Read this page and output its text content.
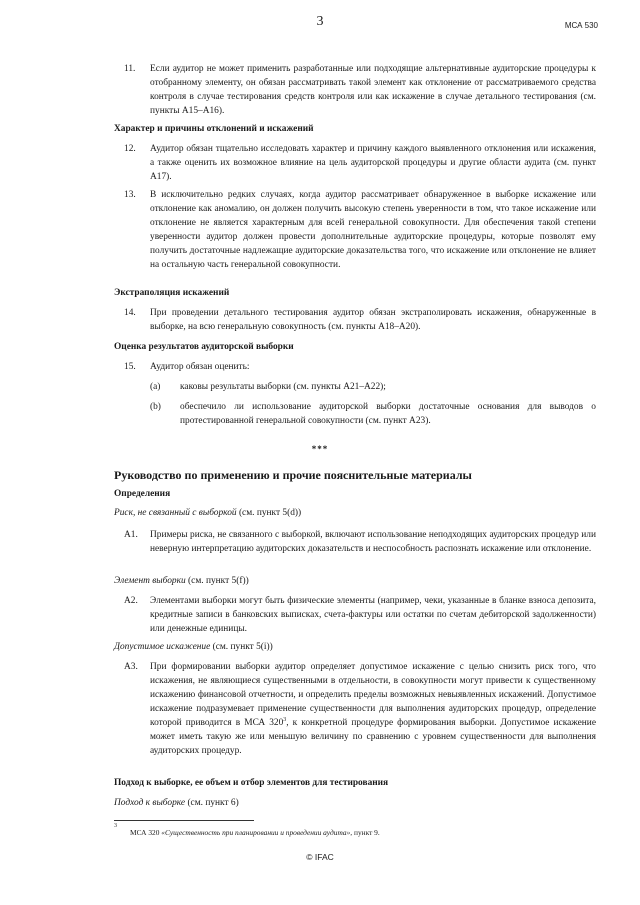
3	МСА 530
11. Если аудитор не может применить разработанные или подходящие альтернативные аудиторские процедуры к отобранному элементу, он обязан рассматривать такой элемент как отклонение от рассматриваемого средства контроля в случае тестирования средств контроля или как искажение в случае детального тестирования (см. пункты A15–A16).
Характер и причины отклонений и искажений
12. Аудитор обязан тщательно исследовать характер и причину каждого выявленного отклонения или искажения, а также оценить их возможное влияние на цель аудиторской процедуры и другие области аудита (см. пункт A17).
13. В исключительно редких случаях, когда аудитор рассматривает обнаруженное в выборке искажение или отклонение как аномалию, он должен получить высокую степень уверенности в том, что такое искажение или отклонение не является характерным для всей генеральной совокупности. Для обеспечения такой степени уверенности аудитор должен провести дополнительные аудиторские процедуры, которые позволят ему получить достаточные надлежащие аудиторские доказательства того, что искажение или отклонение не влияет на остальную часть генеральной совокупности.
Экстраполяция искажений
14. При проведении детального тестирования аудитор обязан экстраполировать искажения, обнаруженные в выборке, на всю генеральную совокупность (см. пункты A18–A20).
Оценка результатов аудиторской выборки
15. Аудитор обязан оценить:
(a) каковы результаты выборки (см. пункты A21–A22);
(b) обеспечило ли использование аудиторской выборки достаточные основания для выводов о протестированной генеральной совокупности (см. пункт A23).
***
Руководство по применению и прочие пояснительные материалы
Определения
Риск, не связанный с выборкой (см. пункт 5(d))
A1. Примеры риска, не связанного с выборкой, включают использование неподходящих аудиторских процедур или неверную интерпретацию аудиторских доказательств и неспособность распознать искажение или отклонение.
Элемент выборки (см. пункт 5(f))
A2. Элементами выборки могут быть физические элементы (например, чеки, указанные в бланке взноса депозита, кредитные записи в банковских выписках, счета-фактуры или остатки по счетам дебиторской задолженности) или денежные единицы.
Допустимое искажение (см. пункт 5(i))
A3. При формировании выборки аудитор определяет допустимое искажение с целью снизить риск того, что искажения, не являющиеся существенными в отдельности, в совокупности могут привести к существенному искажению финансовой отчетности, и определить пределы возможных невыявленных искажений. Допустимое искажение подразумевает применение существенности для выполнения аудиторских процедур, определение которой приводится в МСА $320^3$, к конкретной процедуре формирования выборки. Допустимое искажение может иметь такую же или меньшую величину по сравнению с уровнем существенности для выполнения аудиторских процедур.
Подход к выборке, ее объем и отбор элементов для тестирования
Подход к выборке (см. пункт 6)
3
МСА 320 «Существенность при планировании и проведении аудита», пункт 9.
© IFAC
